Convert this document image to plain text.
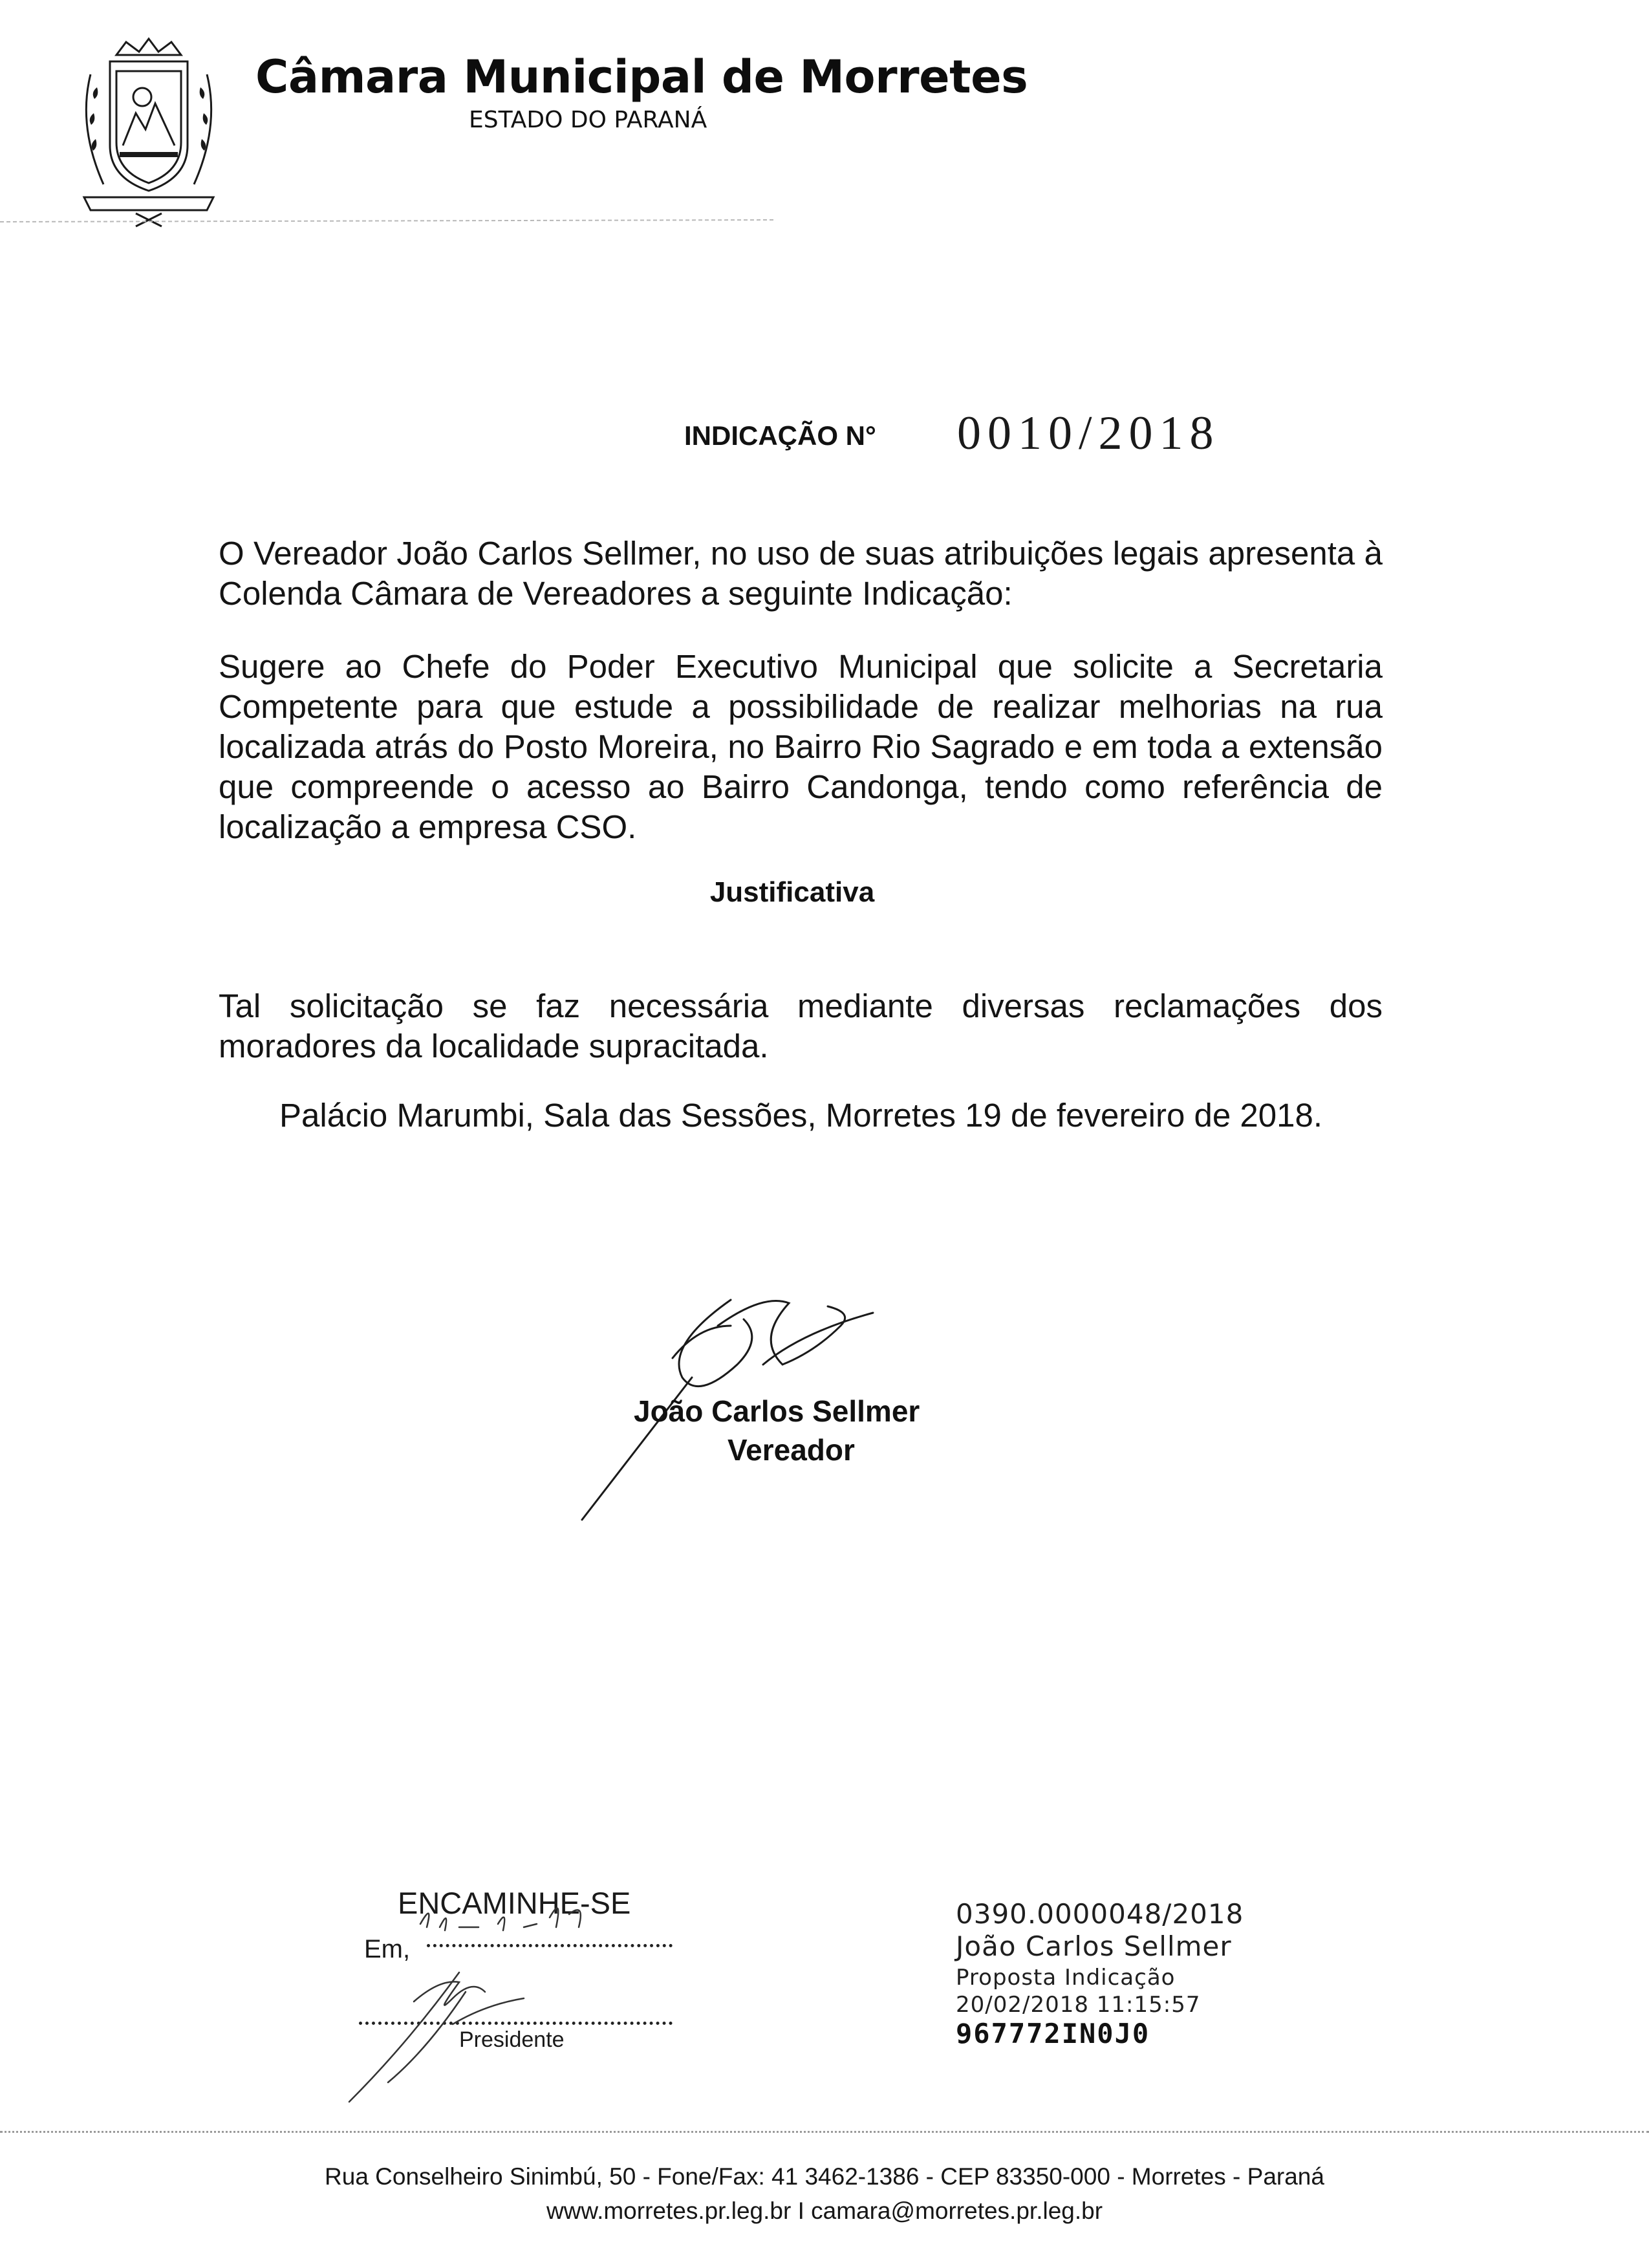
Câmara Municipal de Morretes
ESTADO DO PARANÁ
INDICAÇÃO N° 0010/2018
O Vereador João Carlos Sellmer, no uso de suas atribuições legais apresenta à Colenda Câmara de Vereadores a seguinte Indicação:
Sugere ao Chefe do Poder Executivo Municipal que solicite a Secretaria Competente para que estude a possibilidade de realizar melhorias na rua localizada atrás do Posto Moreira, no Bairro Rio Sagrado e em toda a extensão que compreende o acesso ao Bairro Candonga, tendo como referência de localização a empresa CSO.
Justificativa
Tal solicitação se faz necessária mediante diversas reclamações dos moradores da localidade supracitada.
Palácio Marumbi, Sala das Sessões, Morretes 19 de fevereiro de 2018.
João Carlos Sellmer
Vereador
ENCAMINHE-SE
Em,
Presidente
0390.0000048/2018
João Carlos Sellmer
Proposta Indicação
20/02/2018 11:15:57
967772IN0J0
Rua Conselheiro Sinimbú, 50 - Fone/Fax: 41 3462-1386 - CEP 83350-000 - Morretes - Paraná
www.morretes.pr.leg.br I camara@morretes.pr.leg.br
